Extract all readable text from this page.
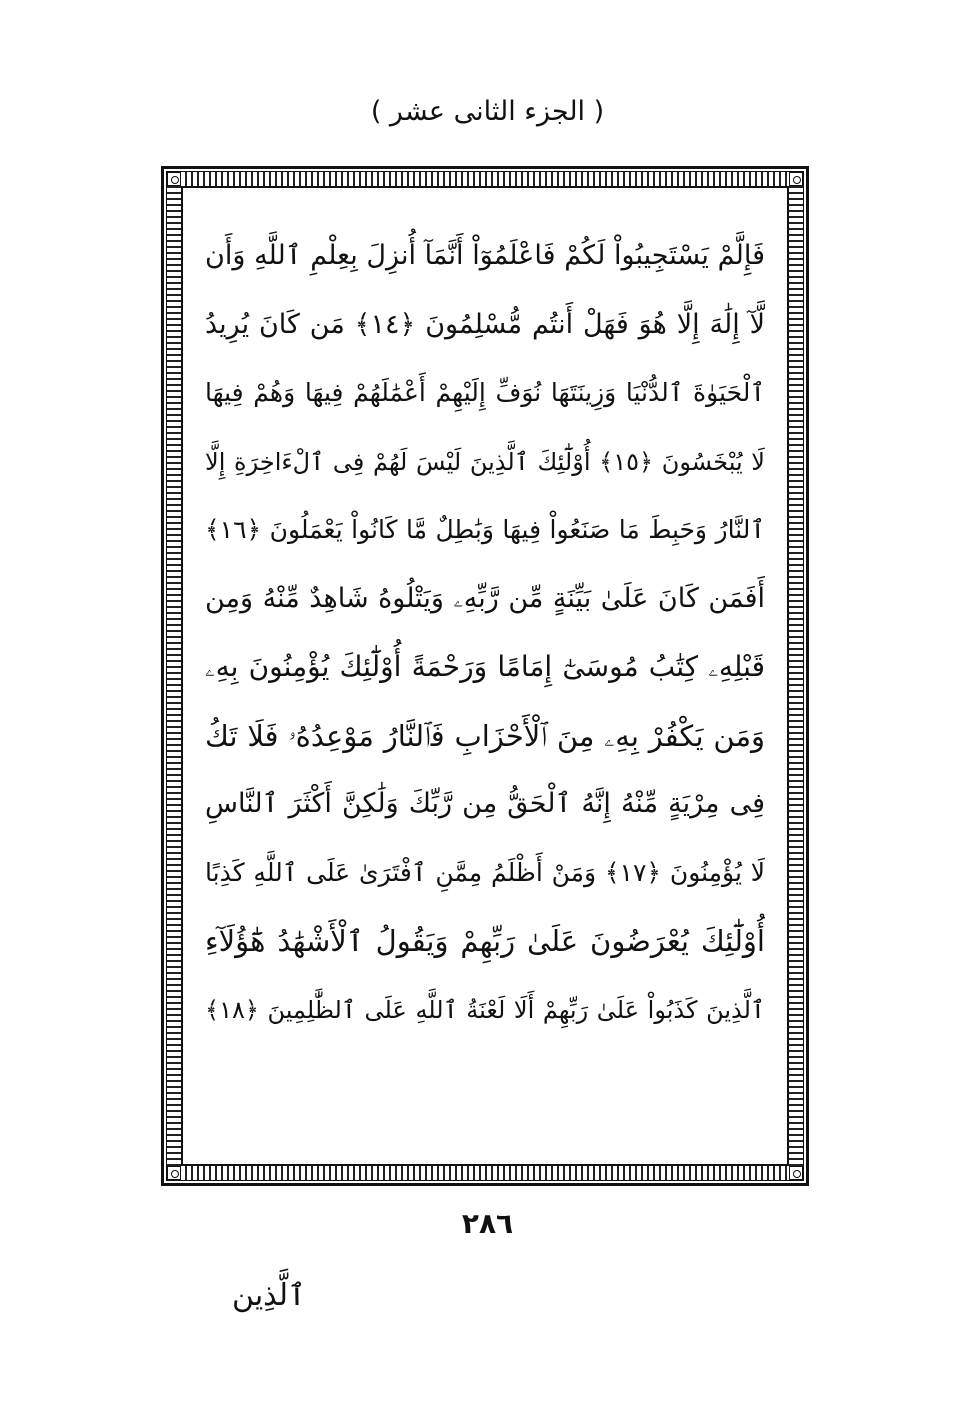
( الجزء الثانى عشر )
فَإِلَّمْ يَسْتَجِيبُواْ لَكُمْ فَاعْلَمُوٓاْ أَنَّمَآ أُنزِلَ بِعِلْمِ ٱللَّهِ وَأَن
لَّآ إِلَٰهَ إِلَّا هُوَ فَهَلْ أَنتُم مُّسْلِمُونَ ﴿١٤﴾ مَن كَانَ يُرِيدُ
ٱلْحَيَوٰةَ ٱلدُّنْيَا وَزِينَتَهَا نُوَفِّ إِلَيْهِمْ أَعْمَٰلَهُمْ فِيهَا وَهُمْ فِيهَا
لَا يُبْخَسُونَ ﴿١٥﴾ أُوْلَٰٓئِكَ ٱلَّذِينَ لَيْسَ لَهُمْ فِى ٱلْءَاخِرَةِ إِلَّا
ٱلنَّارُ وَحَبِطَ مَا صَنَعُواْ فِيهَا وَبَٰطِلٌ مَّا كَانُواْ يَعْمَلُونَ ﴿١٦﴾
أَفَمَن كَانَ عَلَىٰ بَيِّنَةٍ مِّن رَّبِّهِۦ وَيَتْلُوهُ شَاهِدٌ مِّنْهُ وَمِن
قَبْلِهِۦ كِتَٰبُ مُوسَىٰٓ إِمَامًا وَرَحْمَةً أُوْلَٰٓئِكَ يُؤْمِنُونَ بِهِۦ
وَمَن يَكْفُرْ بِهِۦ مِنَ ٱلْأَحْزَابِ فَٱلنَّارُ مَوْعِدُهُۥ فَلَا تَكُ
فِى مِرْيَةٍ مِّنْهُ إِنَّهُ ٱلْحَقُّ مِن رَّبِّكَ وَلَٰكِنَّ أَكْثَرَ ٱلنَّاسِ
لَا يُؤْمِنُونَ ﴿١٧﴾ وَمَنْ أَظْلَمُ مِمَّنِ ٱفْتَرَىٰ عَلَى ٱللَّهِ كَذِبًا
أُوْلَٰٓئِكَ يُعْرَضُونَ عَلَىٰ رَبِّهِمْ وَيَقُولُ ٱلْأَشْهَٰدُ هَٰٓؤُلَآءِ
ٱلَّذِينَ كَذَبُواْ عَلَىٰ رَبِّهِمْ أَلَا لَعْنَةُ ٱللَّهِ عَلَى ٱلظَّٰلِمِينَ ﴿١٨﴾
٢٨٦
ٱلَّذِين
